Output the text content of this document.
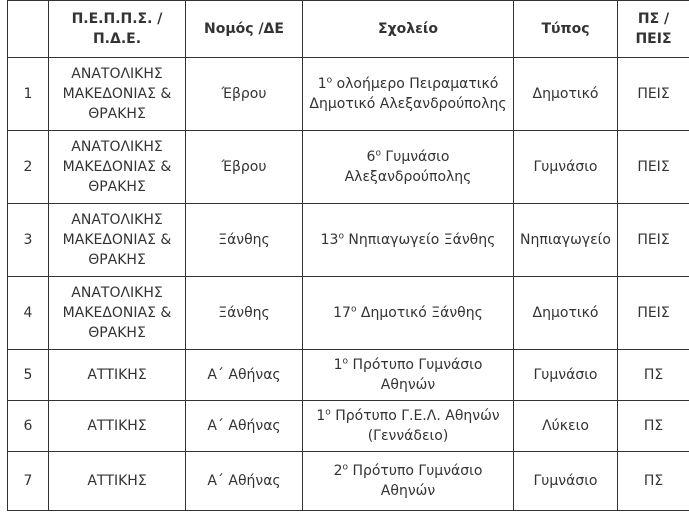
	Π.Ε.Π.Π.Σ. / Π.Δ.Ε.	Νομός /ΔΕ	Σχολείο	Τύπος	ΠΣ / ΠΕΙΣ
1	ΑΝΑΤΟΛΙΚΗΣ ΜΑΚΕΔΟΝΙΑΣ & ΘΡΑΚΗΣ	Έβρου	$1^o$ ολοήμερο Πειραματικό Δημοτικό Αλεξανδρούπολης	Δημοτικό	ΠΕΙΣ
2	ΑΝΑΤΟΛΙΚΗΣ ΜΑΚΕΔΟΝΙΑΣ & ΘΡΑΚΗΣ	Έβρου	$6^o$ Γυμνάσιο Αλεξανδρούπολης	Γυμνάσιο	ΠΕΙΣ
3	ΑΝΑΤΟΛΙΚΗΣ ΜΑΚΕΔΟΝΙΑΣ & ΘΡΑΚΗΣ	Ξάνθης	$13^o$ Νηπιαγωγείο Ξάνθης	Νηπιαγωγείο	ΠΕΙΣ
4	ΑΝΑΤΟΛΙΚΗΣ ΜΑΚΕΔΟΝΙΑΣ & ΘΡΑΚΗΣ	Ξάνθης	$17^o$ Δημοτικό Ξάνθης	Δημοτικό	ΠΕΙΣ
5	ΑΤΤΙΚΗΣ	Α΄ Αθήνας	$1^o$ Πρότυπο Γυμνάσιο Αθηνών	Γυμνάσιο	ΠΣ
6	ΑΤΤΙΚΗΣ	Α΄ Αθήνας	$1^o$ Πρότυπο Γ.Ε.Λ. Αθηνών (Γεννάδειο)	Λύκειο	ΠΣ
7	ΑΤΤΙΚΗΣ	Α΄ Αθήνας	$2^o$ Πρότυπο Γυμνάσιο Αθηνών	Γυμνάσιο	ΠΣ
